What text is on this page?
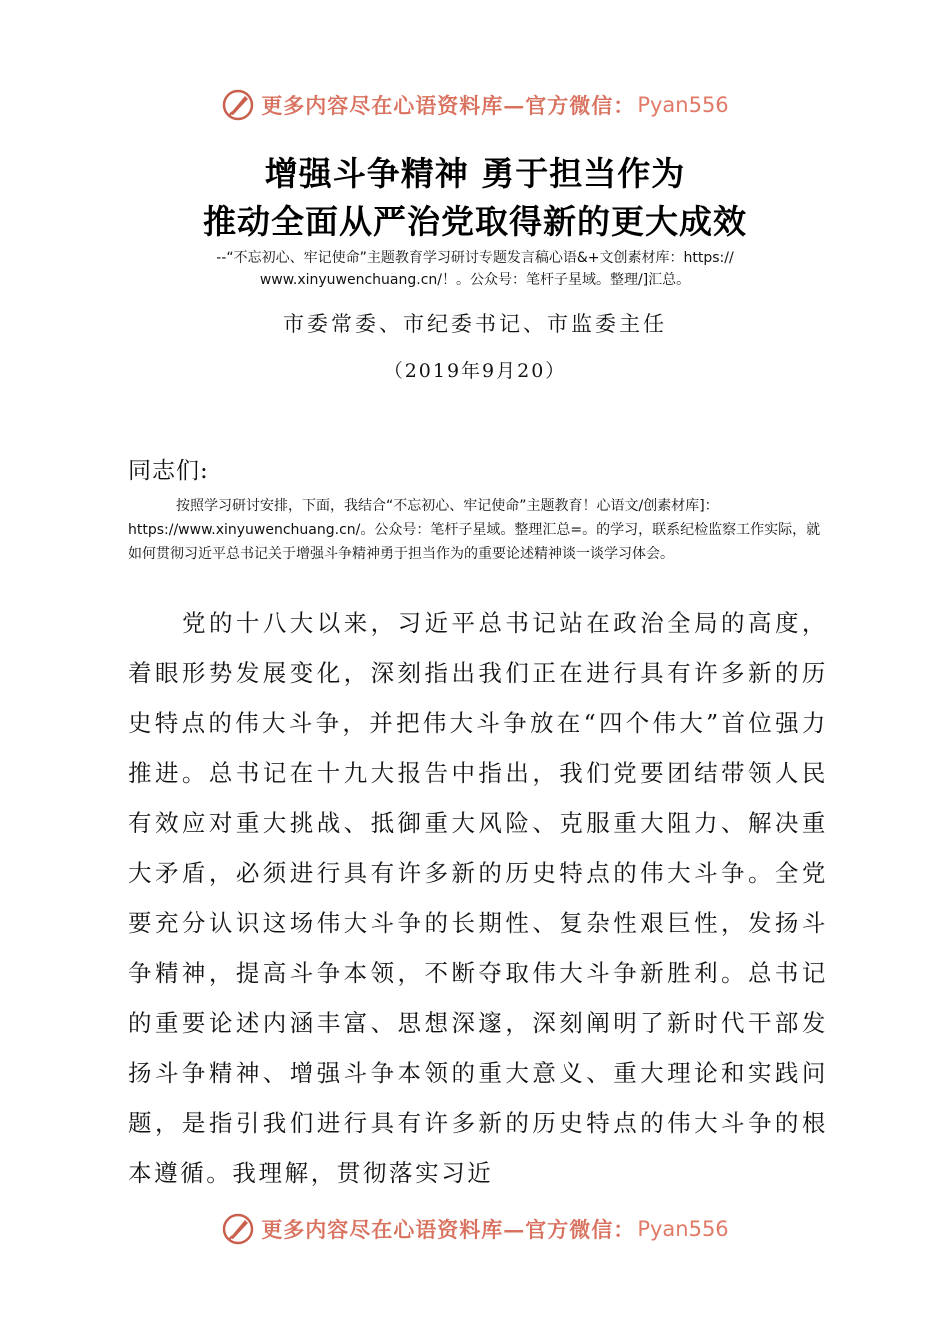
更多内容尽在心语资料库—官方微信： Pyan556
增强斗争精神 勇于担当作为
推动全面从严治党取得新的更大成效
--“不忘初心、牢记使命”主题教育学习研讨专题发言稿心语&+文创素材库：https:// www.xinyuwenchuang.cn/！。公众号：笔杆子星域。整理/]汇总。
市委常委、市纪委书记、市监委主任
（2019年9月20）
同志们:

按照学习研讨安排，下面，我结合“不忘初心、牢记使命”主题教育！心语文/创素材库]：https://www.xinyuwenchuang.cn/。公众号：笔杆子星域。整理汇总=。的学习，联系纪检监察工作实际，就如何贯彻习近平总书记关于增强斗争精神勇于担当作为的重要论述精神谈一谈学习体会。

党的十八大以来，习近平总书记站在政治全局的高度，着眼形势发展变化，深刻指出我们正在进行具有许多新的历史特点的伟大斗争，并把伟大斗争放在“四个伟大”首位强力推进。总书记在十九大报告中指出，我们党要团结带领人民有效应对重大挑战、抵御重大风险、克服重大阻力、解决重大矛盾，必须进行具有许多新的历史特点的伟大斗争。全党要充分认识这场伟大斗争的长期性、复杂性艰巨性，发扬斗争精神，提高斗争本领，不断夺取伟大斗争新胜利。总书记的重要论述内涵丰富、思想深邃，深刻阐明了新时代干部发扬斗争精神、增强斗争本领的重大意义、重大理论和实践问题，是指引我们进行具有许多新的历史特点的伟大斗争的根本遵循。我理解，贯彻落实习近

更多内容尽在心语资料库—官方微信： Pyan556
